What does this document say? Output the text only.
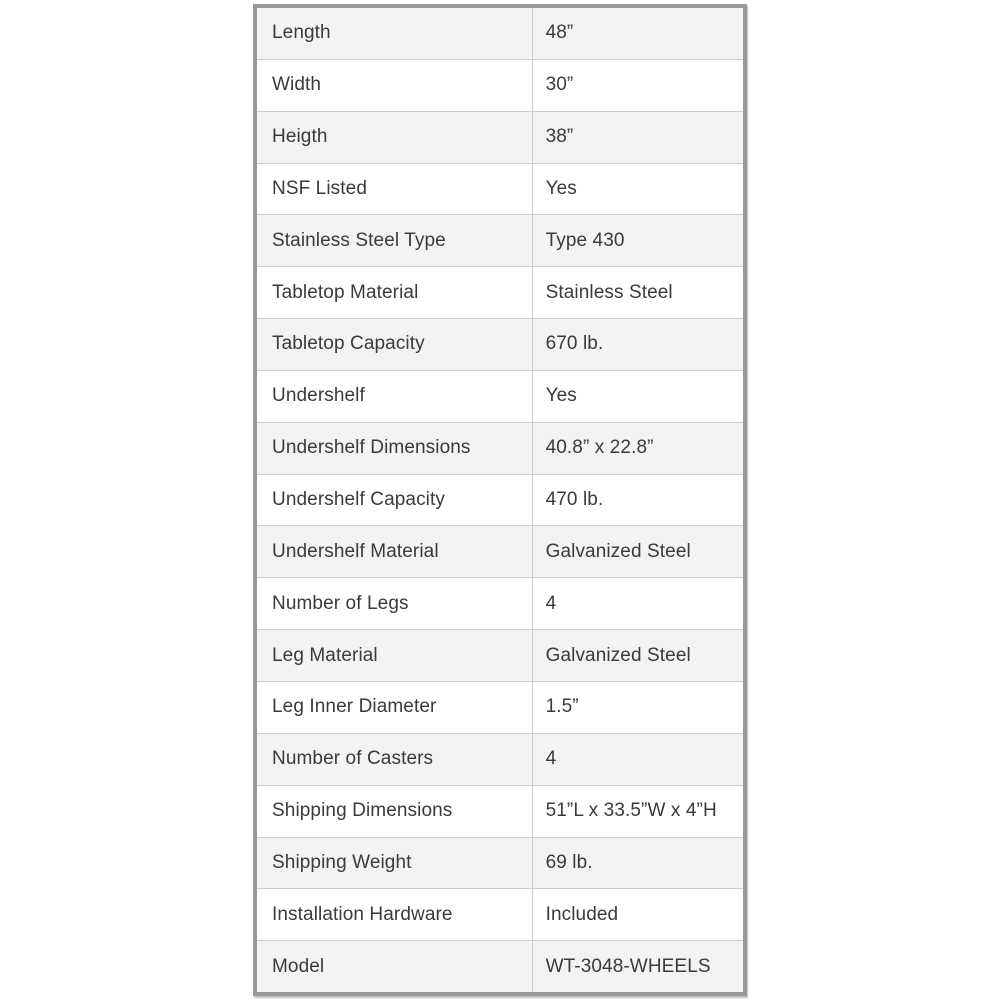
Length	48”
Width	30”
Heigth	38”
NSF Listed	Yes
Stainless Steel Type	Type 430
Tabletop Material	Stainless Steel
Tabletop Capacity	670 lb.
Undershelf	Yes
Undershelf Dimensions	40.8” x 22.8”
Undershelf Capacity	470 lb.
Undershelf Material	Galvanized Steel
Number of Legs	4
Leg Material	Galvanized Steel
Leg Inner Diameter	1.5”
Number of Casters	4
Shipping Dimensions	51”L x 33.5”W x 4”H
Shipping Weight	69 lb.
Installation Hardware	Included
Model	WT-3048-WHEELS
